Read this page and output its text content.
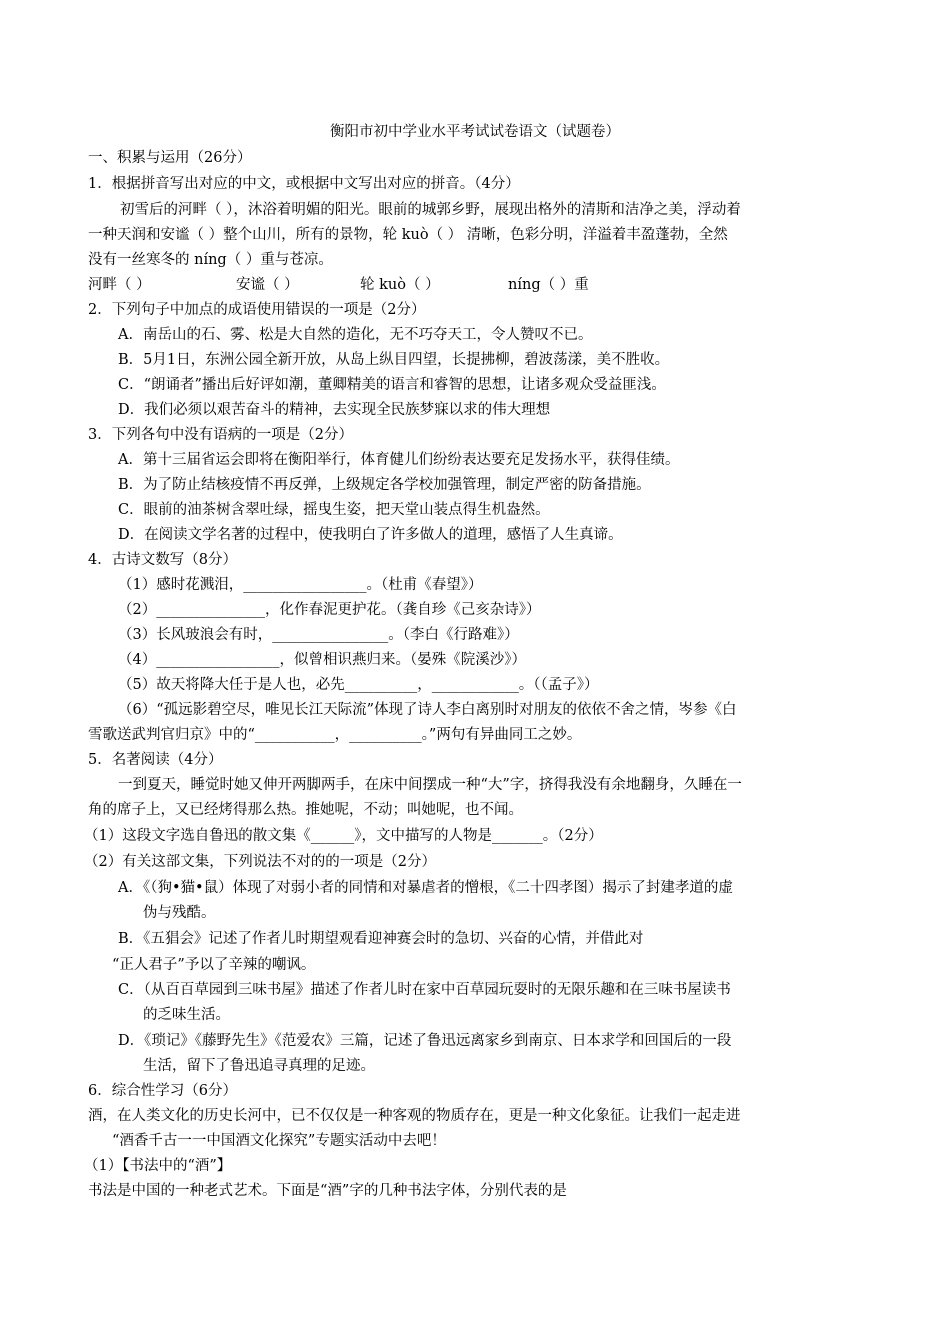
衡阳市初中学业水平考试试卷语文（试题卷）
一、积累与运用（26分）
1．根据拼音写出对应的中文，或根据中文写出对应的拼音。（4分）
初雪后的河畔（ ），沐浴着明媚的阳光。眼前的城郭乡野，展现出格外的清斯和洁净之美，浮动着
一种天润和安谧（ ）整个山川，所有的景物，轮 kuò（ ） 清晰，色彩分明，洋溢着丰盈蓬勃，全然
没有一丝寒冬的 níng（ ）重与苍凉。
河畔（ ）	安谧（ ）	轮 kuò（ ）	níng（ ）重
2．下列句子中加点的成语使用错误的一项是（2分）
A．南岳山的石、雾、松是大自然的造化，无不巧夺天工，令人赞叹不已。
B．5月1日，东洲公园全新开放，从岛上纵目四望，长提拂柳，碧波荡漾，美不胜收。
C．“朗诵者”播出后好评如潮，董卿精美的语言和睿智的思想，让诸多观众受益匪浅。
D．我们必须以艰苦奋斗的精神，去实现全民族梦寐以求的伟大理想
3．下列各句中没有语病的一项是（2分）
A．第十三届省运会即将在衡阳举行，体育健儿们纷纷表达要充足发扬水平，获得佳绩。
B．为了防止结核疫情不再反弹，上级规定各学校加强管理，制定严密的防备措施。
C．眼前的油茶树含翠吐绿，摇曳生姿，把天堂山装点得生机盎然。
D．在阅读文学名著的过程中，使我明白了许多做人的道理，感悟了人生真谛。
4．古诗文数写（8分）
（1）感时花溅泪，_________________。（杜甫《春望》）
（2）_______________，化作春泥更护花。（龚自珍《己亥杂诗》）
（3）长风玻浪会有时，________________。（李白《行路难》）
（4）_________________，似曾相识燕归来。（晏殊《院溪沙》）
（5）故天将降大任于是人也，必先__________，____________。（（孟子》）
（6）“孤远影碧空尽，唯见长江天际流”体现了诗人李白离别时对朋友的依依不舍之情，岑参《白
雪歌送武判官归京》中的“___________，__________。”两句有异曲同工之妙。
5．名著阅读（4分）
一到夏天，睡觉时她又伸开两脚两手，在床中间摆成一种“大”字，挤得我没有余地翻身，久睡在一
角的席子上，又已经烤得那么热。推她呢，不动；叫她呢，也不闻。
（1）这段文字选自鲁迅的散文集《______》，文中描写的人物是_______。（2分）
（2）有关这部文集，下列说法不对的的一项是（2分）
A．《（狗•猫•鼠）体现了对弱小者的同情和对暴虐者的憎根，《二十四孝图）揭示了封建孝道的虚
伪与残酷。
B．《五猖会》记述了作者儿时期望观看迎神赛会时的急切、兴奋的心情，并借此对
“正人君子”予以了辛辣的嘲讽。
C．（从百百草园到三味书屋》描述了作者儿时在家中百草园玩耍时的无限乐趣和在三味书屋读书
的乏味生活。
D．《琐记》《藤野先生》《范爱农》三篇，记述了鲁迅远离家乡到南京、日本求学和回国后的一段
生活，留下了鲁迅追寻真理的足迹。
6．综合性学习（6分）
酒，在人类文化的历史长河中，已不仅仅是一种客观的物质存在，更是一种文化象征。让我们一起走进
“酒香千古一一中国酒文化探究”专题实活动中去吧！
（1）【书法中的“酒”】
书法是中国的一种老式艺术。下面是“酒”字的几种书法字体，分别代表的是
